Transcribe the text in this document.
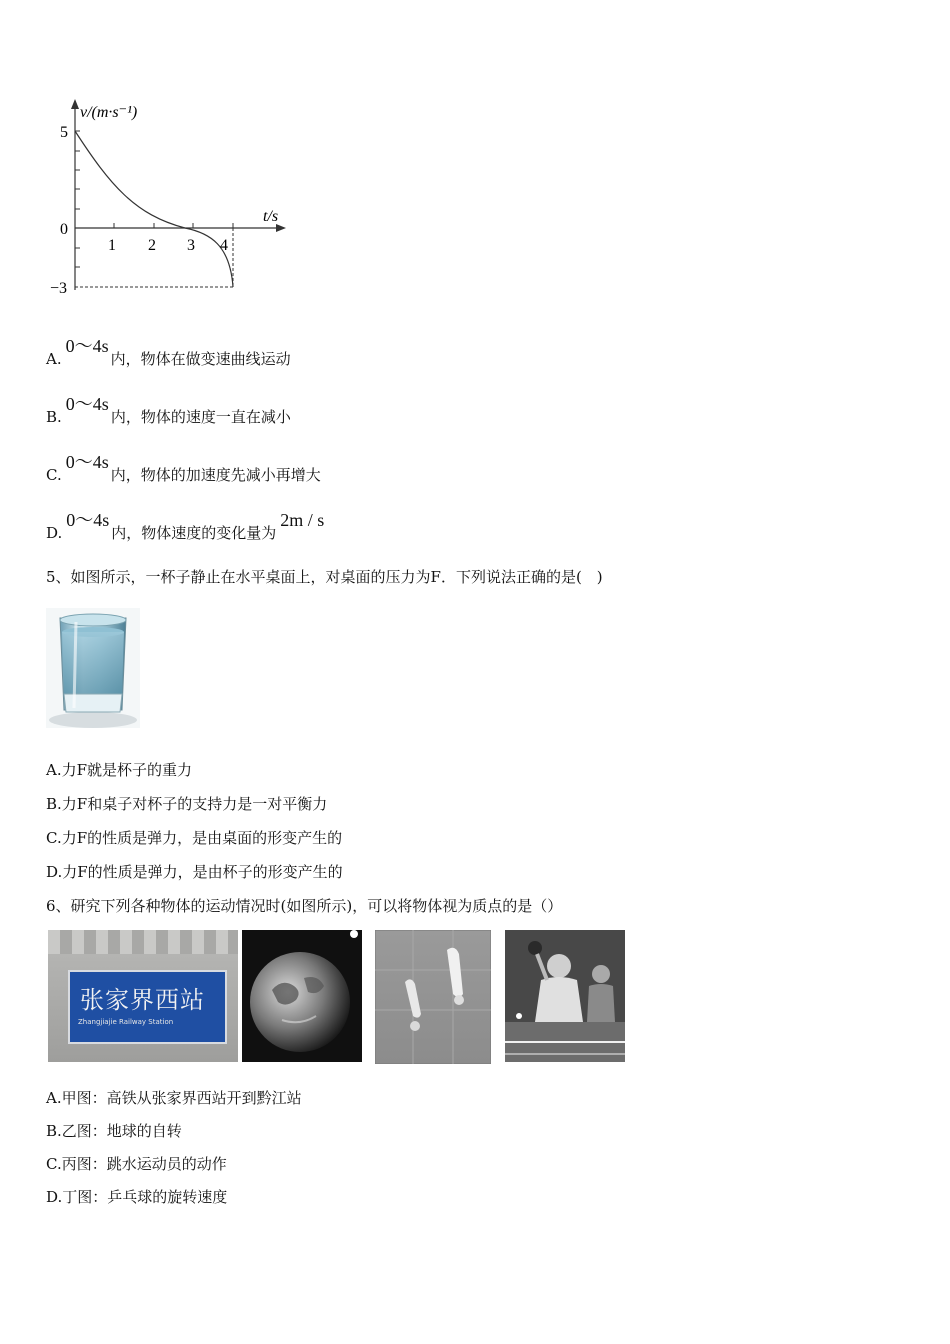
v/(m·s⁻¹)
t/s
5
0
−3
1 2 3 4
A.0～4s内，物体在做变速曲线运动
B.0～4s内，物体的速度一直在减小
C.0～4s内，物体的加速度先减小再增大
D.0～4s内，物体速度的变化量为2m / s
5、如图所示，一杯子静止在水平桌面上，对桌面的压力为F．下列说法正确的是(　)
A.力F就是杯子的重力
B.力F和桌子对杯子的支持力是一对平衡力
C.力F的性质是弹力，是由桌面的形变产生的
D.力F的性质是弹力，是由杯子的形变产生的
6、研究下列各种物体的运动情况时(如图所示)，可以将物体视为质点的是（）
张家界西站
Zhangjiajie Railway Station
A.甲图：高铁从张家界西站开到黔江站
B.乙图：地球的自转
C.丙图：跳水运动员的动作
D.丁图：乒乓球的旋转速度
